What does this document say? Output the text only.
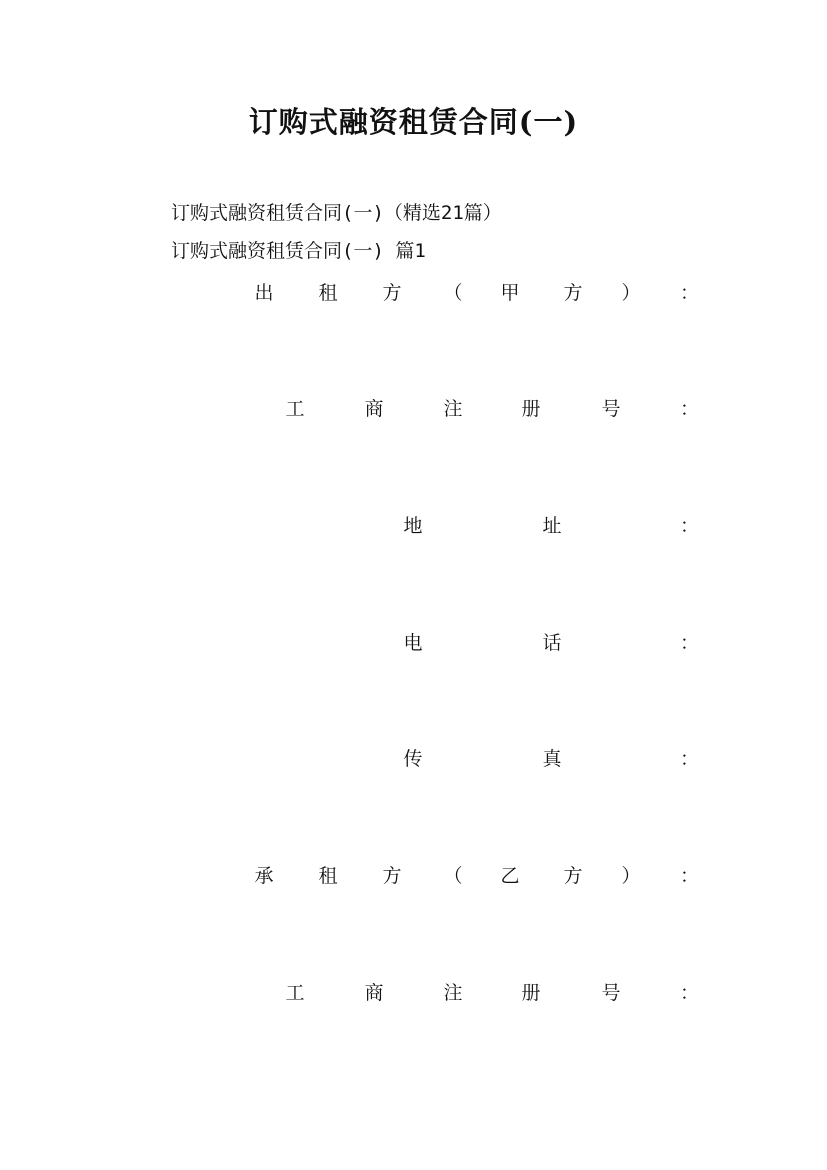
订购式融资租赁合同(一)
订购式融资租赁合同(一)（精选21篇）
订购式融资租赁合同(一) 篇1
出 租 方 （ 甲 方 ） ：
工	商	注	册	号	：
地	址	：
电	话	：
传	真	：
承 租 方 （ 乙 方 ） ：
工	商	注	册	号	：
